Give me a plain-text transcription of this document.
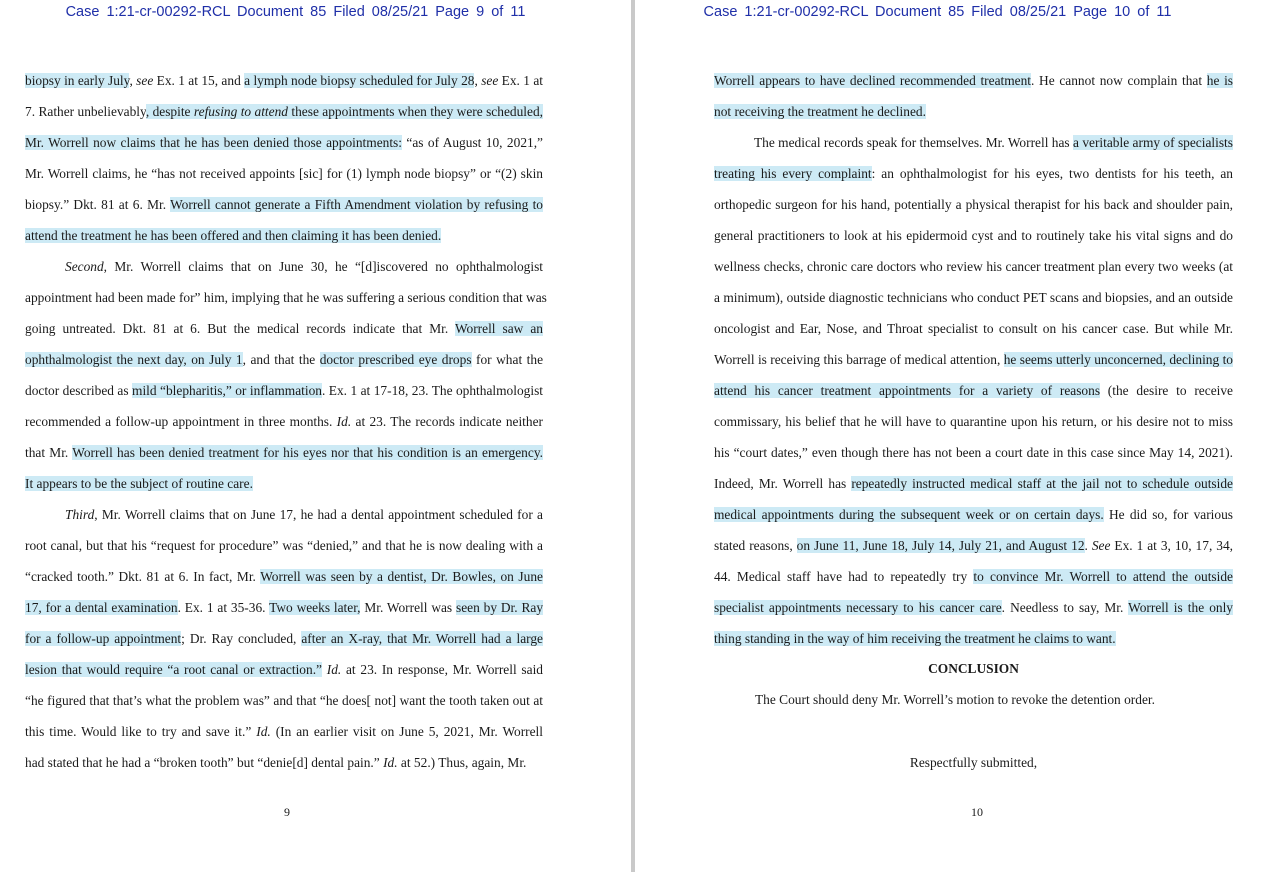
Case 1:21-cr-00292-RCL Document 85 Filed 08/25/21 Page 9 of 11
biopsy in early July, see Ex. 1 at 15, and a lymph node biopsy scheduled for July 28, see Ex. 1 at
7. Rather unbelievably, despite refusing to attend these appointments when they were scheduled,
Mr. Worrell now claims that he has been denied those appointments: “as of August 10, 2021,”
Mr. Worrell claims, he “has not received appoints [sic] for (1) lymph node biopsy” or “(2) skin
biopsy.” Dkt. 81 at 6. Mr. Worrell cannot generate a Fifth Amendment violation by refusing to
attend the treatment he has been offered and then claiming it has been denied.
Second, Mr. Worrell claims that on June 30, he “[d]iscovered no ophthalmologist
appointment had been made for” him, implying that he was suffering a serious condition that was
going untreated. Dkt. 81 at 6. But the medical records indicate that Mr. Worrell saw an
ophthalmologist the next day, on July 1, and that the doctor prescribed eye drops for what the
doctor described as mild “blepharitis,” or inflammation. Ex. 1 at 17-18, 23. The ophthalmologist
recommended a follow-up appointment in three months. Id. at 23. The records indicate neither
that Mr. Worrell has been denied treatment for his eyes nor that his condition is an emergency.
It appears to be the subject of routine care.
Third, Mr. Worrell claims that on June 17, he had a dental appointment scheduled for a
root canal, but that his “request for procedure” was “denied,” and that he is now dealing with a
“cracked tooth.” Dkt. 81 at 6. In fact, Mr. Worrell was seen by a dentist, Dr. Bowles, on June
17, for a dental examination. Ex. 1 at 35-36. Two weeks later, Mr. Worrell was seen by Dr. Ray
for a follow-up appointment; Dr. Ray concluded, after an X-ray, that Mr. Worrell had a large
lesion that would require “a root canal or extraction.” Id. at 23. In response, Mr. Worrell said
“he figured that that’s what the problem was” and that “he does[ not] want the tooth taken out at
this time. Would like to try and save it.” Id. (In an earlier visit on June 5, 2021, Mr. Worrell
had stated that he had a “broken tooth” but “denie[d] dental pain.” Id. at 52.) Thus, again, Mr.
9
Case 1:21-cr-00292-RCL Document 85 Filed 08/25/21 Page 10 of 11
Worrell appears to have declined recommended treatment. He cannot now complain that he is
not receiving the treatment he declined.
The medical records speak for themselves. Mr. Worrell has a veritable army of specialists
treating his every complaint: an ophthalmologist for his eyes, two dentists for his teeth, an
orthopedic surgeon for his hand, potentially a physical therapist for his back and shoulder pain,
general practitioners to look at his epidermoid cyst and to routinely take his vital signs and do
wellness checks, chronic care doctors who review his cancer treatment plan every two weeks (at
a minimum), outside diagnostic technicians who conduct PET scans and biopsies, and an outside
oncologist and Ear, Nose, and Throat specialist to consult on his cancer case. But while Mr.
Worrell is receiving this barrage of medical attention, he seems utterly unconcerned, declining to
attend his cancer treatment appointments for a variety of reasons (the desire to receive
commissary, his belief that he will have to quarantine upon his return, or his desire not to miss
his “court dates,” even though there has not been a court date in this case since May 14, 2021).
Indeed, Mr. Worrell has repeatedly instructed medical staff at the jail not to schedule outside
medical appointments during the subsequent week or on certain days. He did so, for various
stated reasons, on June 11, June 18, July 14, July 21, and August 12. See Ex. 1 at 3, 10, 17, 34,
44. Medical staff have had to repeatedly try to convince Mr. Worrell to attend the outside
specialist appointments necessary to his cancer care. Needless to say, Mr. Worrell is the only
thing standing in the way of him receiving the treatment he claims to want.
CONCLUSION
The Court should deny Mr. Worrell’s motion to revoke the detention order.
Respectfully submitted,
10
